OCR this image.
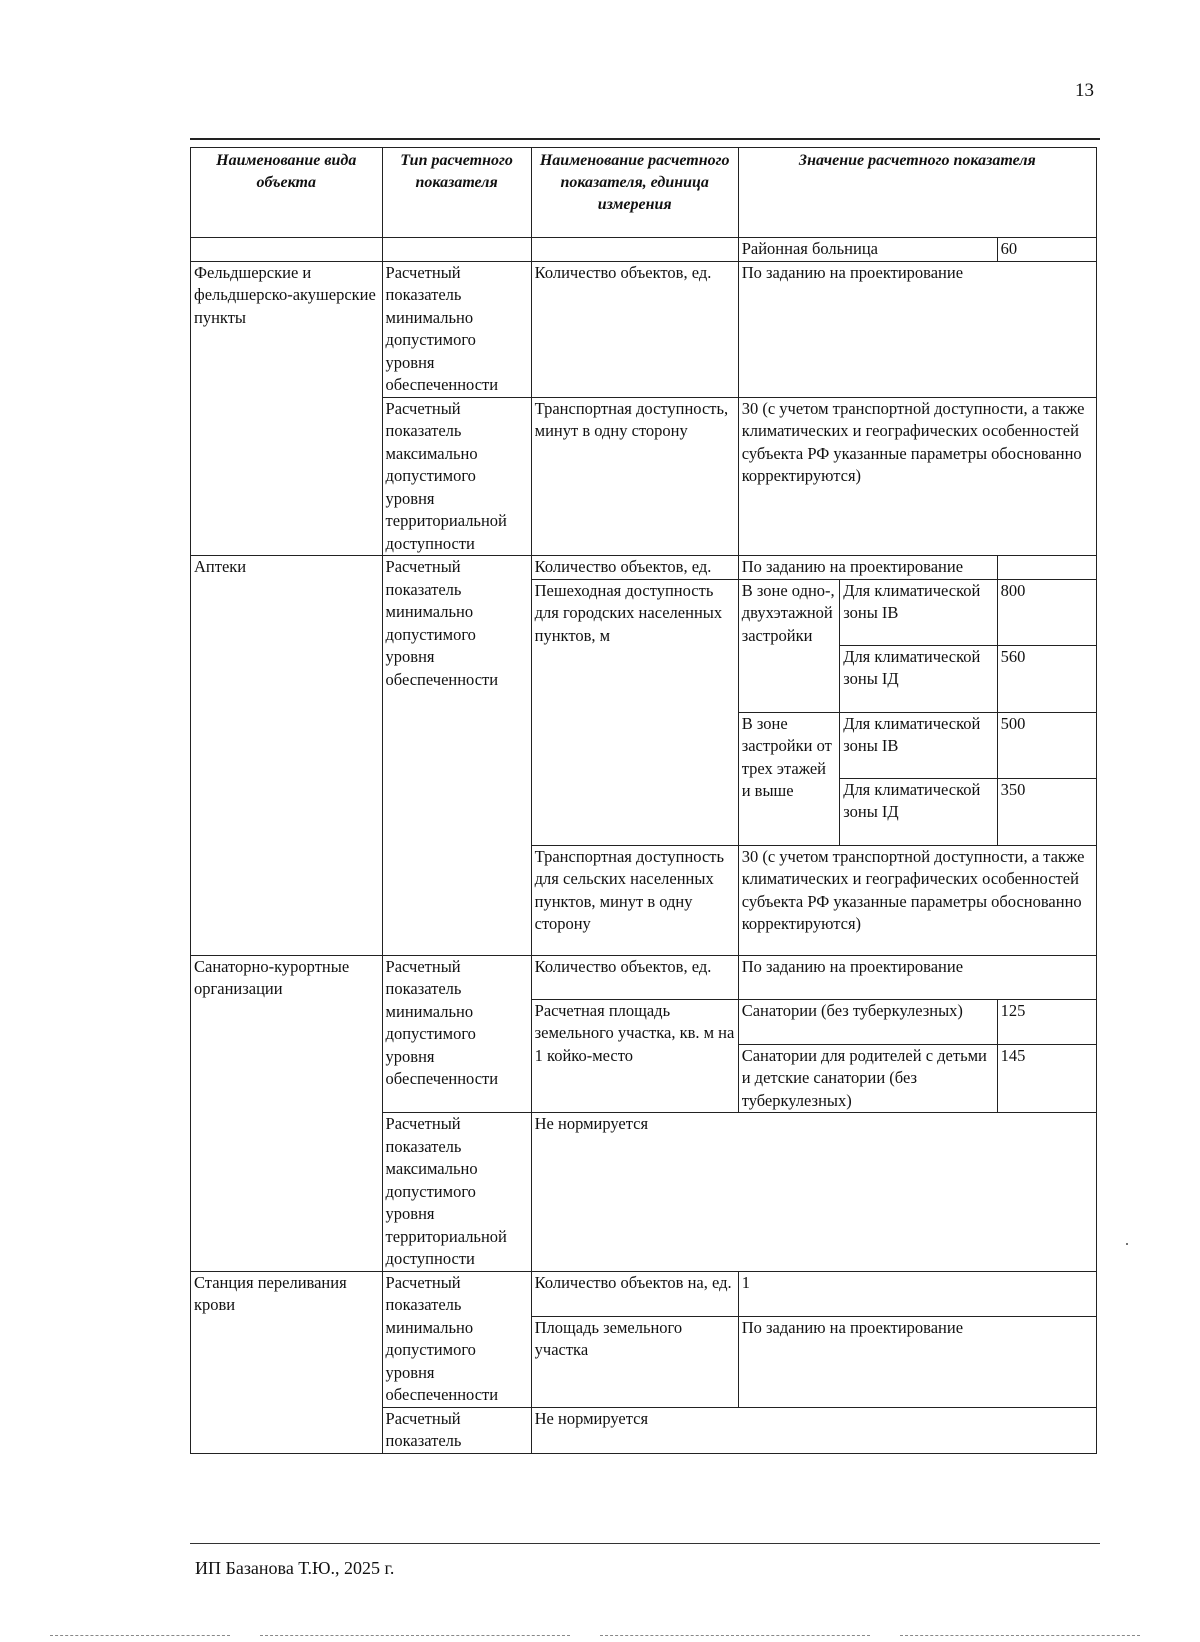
13
Наименование вида объекта	Тип расчетного показателя	Наименование расчетного показателя, единица измерения	Значение расчетного показателя		
			Районная больница		60
Фельдшерские и фельдшерско-акушерские пункты	Расчетный показатель минимально допустимого уровня обеспеченности	Количество объектов, ед.	По заданию на проектирование		
	Расчетный показатель максимально допустимого уровня территориальной доступности	Транспортная доступность, минут в одну сторону	30 (с учетом транспортной доступности, а также климатических и географических особенностей субъекта РФ указанные параметры обоснованно корректируются)		
Аптеки	Расчетный показатель минимально допустимого уровня обеспеченности	Количество объектов, ед.	По заданию на проектирование		
		Пешеходная доступность для городских населенных пунктов, м	В зоне одно-, двухэтажной застройки	Для климатической зоны IВ	800
				Для климатической зоны IД	560
			В зоне застройки от трех этажей и выше	Для климатической зоны IВ	500
				Для климатической зоны IД	350
		Транспортная доступность для сельских населенных пунктов, минут в одну сторону	30 (с учетом транспортной доступности, а также климатических и географических особенностей субъекта РФ указанные параметры обоснованно корректируются)		
Санаторно-курортные организации	Расчетный показатель минимально допустимого уровня обеспеченности	Количество объектов, ед.	По заданию на проектирование		
		Расчетная площадь земельного участка, кв. м на 1 койко-место	Санатории (без туберкулезных)		125
			Санатории для родителей с детьми и детские санатории (без туберкулезных)		145
	Расчетный показатель максимально допустимого уровня территориальной доступности	Не нормируется			
Станция переливания крови	Расчетный показатель минимально допустимого уровня обеспеченности	Количество объектов на, ед.	1		
		Площадь земельного участка	По заданию на проектирование		
	Расчетный показатель	Не нормируется			
ИП Базанова Т.Ю., 2025 г.
